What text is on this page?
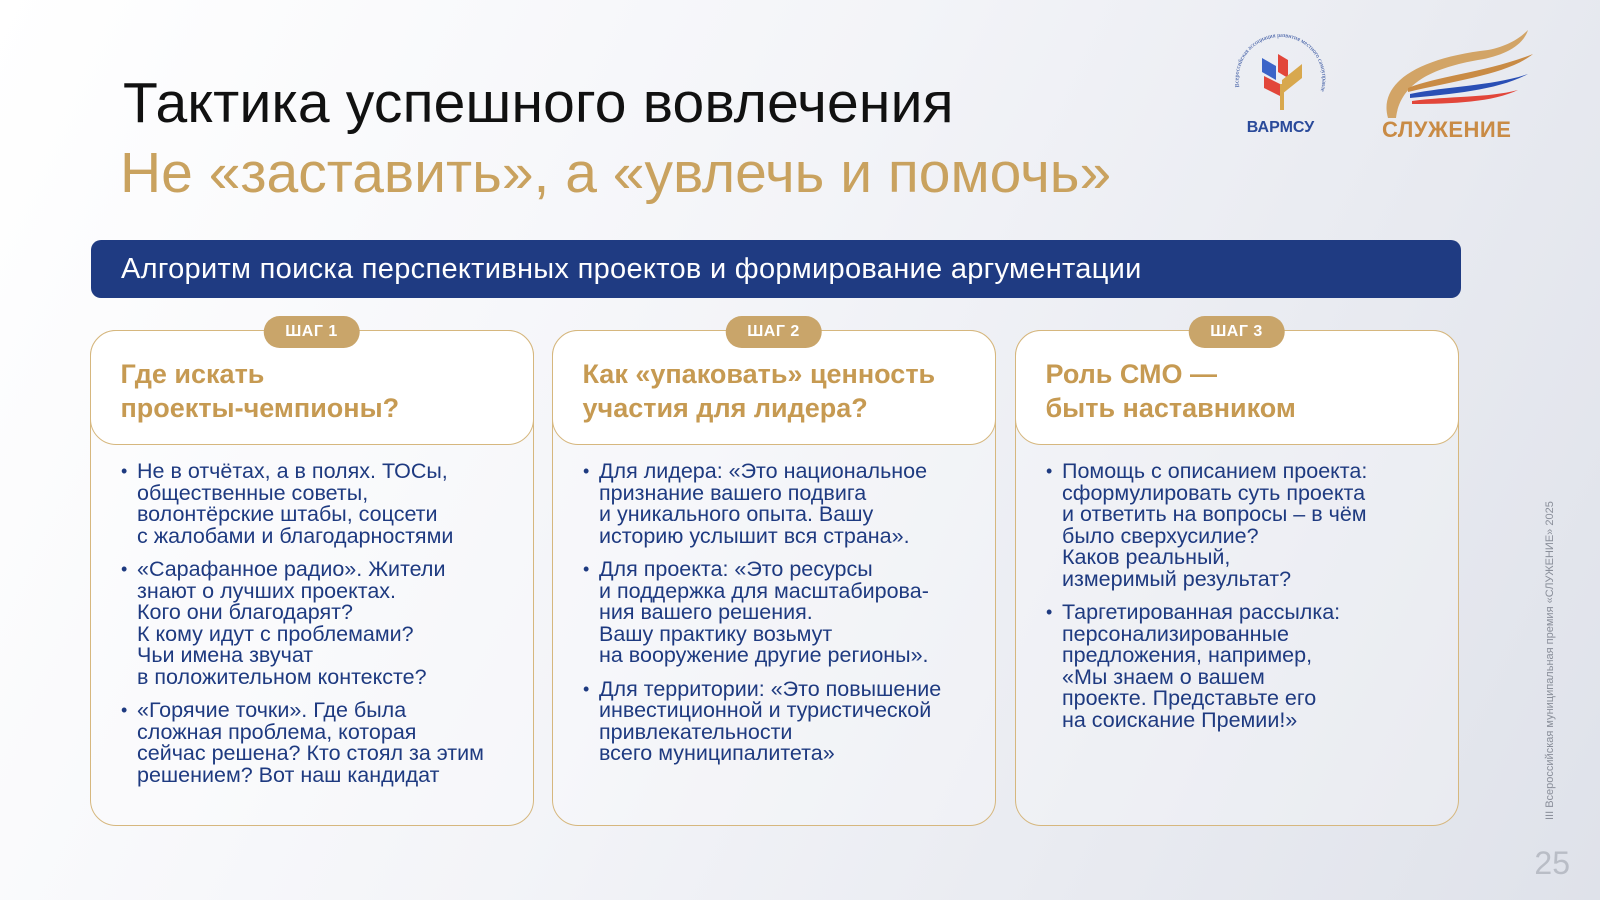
Тактика успешного вовлечения
Не «заставить», а «увлечь и помочь»
Всероссийская ассоциация развития местного самоуправле
ВАРМСУ	СЛУЖЕНИЕ
Алгоритм поиска перспективных проектов и формирование аргументации
ШАГ 1
Где искать
проекты-чемпионы?
• Не в отчётах, а в полях. ТОСы,
общественные советы,
волонтёрские штабы, соцсети
с жалобами и благодарностями
• «Сарафанное радио». Жители
знают о лучших проектах.
Кого они благодарят?
К кому идут с проблемами?
Чьи имена звучат
в положительном контексте?
• «Горячие точки». Где была
сложная проблема, которая
сейчас решена? Кто стоял за этим
решением? Вот наш кандидат
ШАГ 2
Как «упаковать» ценность
участия для лидера?
• Для лидера: «Это национальное
признание вашего подвига
и уникального опыта. Вашу
историю услышит вся страна».
• Для проекта: «Это ресурсы
и поддержка для масштабирова-
ния вашего решения.
Вашу практику возьмут
на вооружение другие регионы».
• Для территории: «Это повышение
инвестиционной и туристической
привлекательности
всего муниципалитета»
ШАГ 3
Роль СМО —
быть наставником
• Помощь с описанием проекта:
сформулировать суть проекта
и ответить на вопросы – в чём
было сверхусилие?
Каков реальный,
измеримый результат?
• Таргетированная рассылка:
персонализированные
предложения, например,
«Мы знаем о вашем
проекте. Представьте его
на соискание Премии!»	III Всероссийская муниципальная премия «СЛУЖЕНИЕ» 2025
25
